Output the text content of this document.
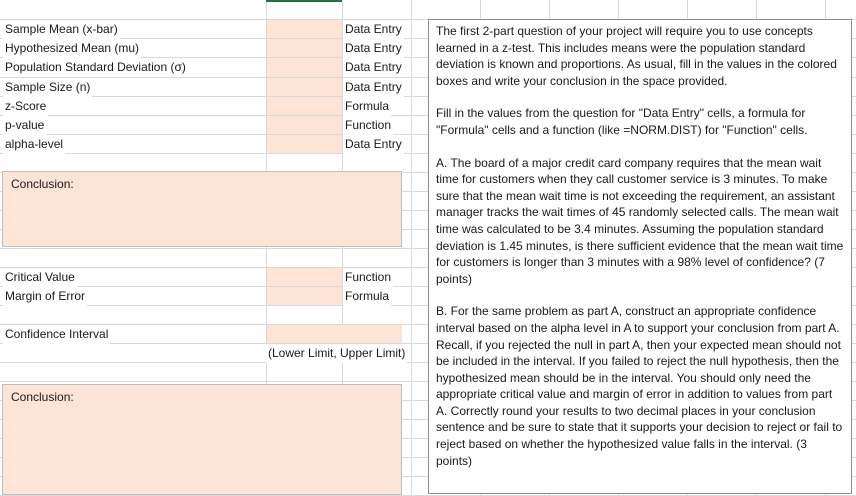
Sample Mean (x-bar)	Data Entry
Hypothesized Mean (mu)	Data Entry
Population Standard Deviation (σ)	Data Entry
Sample Size (n)	Data Entry
z-Score	Formula
p-value	Function
alpha-level	Data Entry
Conclusion:
Critical Value	Function
Margin of Error	Formula
Confidence Interval
(Lower Limit, Upper Limit)
Conclusion:

The first 2-part question of your project will require you to use concepts learned in a z-test. This includes means were the population standard deviation is known and proportions. As usual, fill in the values in the colored boxes and write your conclusion in the space provided.

Fill in the values from the question for "Data Entry" cells, a formula for "Formula" cells and a function (like =NORM.DIST) for "Function" cells.

A. The board of a major credit card company requires that the mean wait time for customers when they call customer service is 3 minutes. To make sure that the mean wait time is not exceeding the requirement, an assistant manager tracks the wait times of 45 randomly selected calls. The mean wait time was calculated to be 3.4 minutes. Assuming the population standard deviation is 1.45 minutes, is there sufficient evidence that the mean wait time for customers is longer than 3 minutes with a 98% level of confidence? (7 points)

B. For the same problem as part A, construct an appropriate confidence interval based on the alpha level in A to support your conclusion from part A. Recall, if you rejected the null in part A, then your expected mean should not be included in the interval. If you failed to reject the null hypothesis, then the hypothesized mean should be in the interval. You should only need the appropriate critical value and margin of error in addition to values from part A. Correctly round your results to two decimal places in your conclusion sentence and be sure to state that it supports your decision to reject or fail to reject based on whether the hypothesized value falls in the interval. (3 points)
